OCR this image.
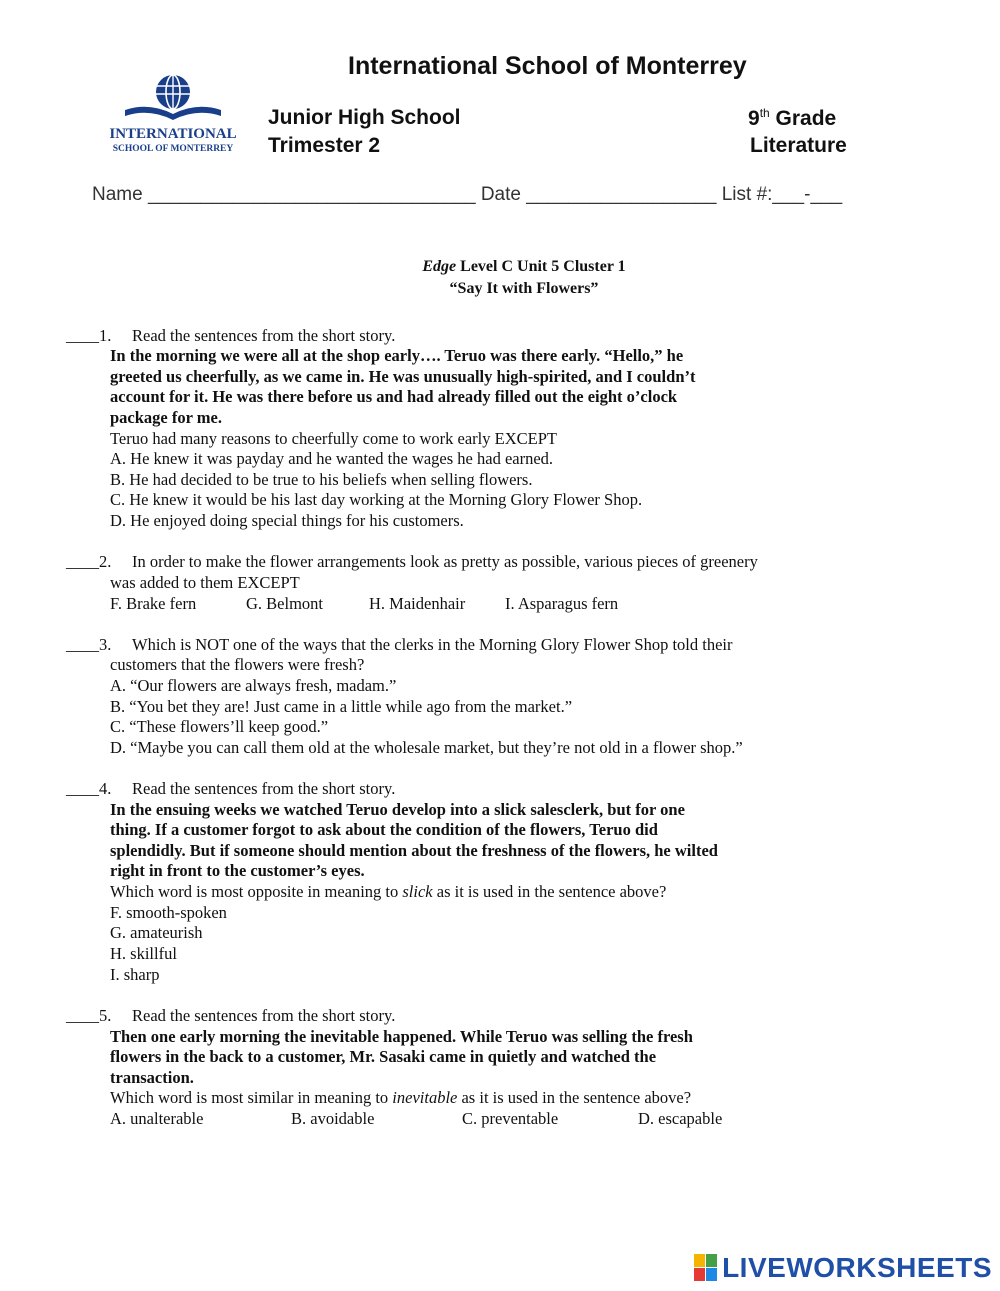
International School of Monterrey
INTERNATIONAL
SCHOOL OF MONTERREY
Junior High School
Trimester 2
9th Grade
Literature
Name _______________________________ Date __________________ List #:___-___
Edge Level C Unit 5 Cluster 1
“Say It with Flowers”
____1. Read the sentences from the short story.
In the morning we were all at the shop early…. Teruo was there early. “Hello,” he
greeted us cheerfully, as we came in. He was unusually high-spirited, and I couldn’t
account for it. He was there before us and had already filled out the eight o’clock
package for me.
Teruo had many reasons to cheerfully come to work early EXCEPT
A. He knew it was payday and he wanted the wages he had earned.
B. He had decided to be true to his beliefs when selling flowers.
C. He knew it would be his last day working at the Morning Glory Flower Shop.
D. He enjoyed doing special things for his customers.
____2. In order to make the flower arrangements look as pretty as possible, various pieces of greenery
was added to them EXCEPT
F. Brake fern	G. Belmont	H. Maidenhair I. Asparagus fern
____3. Which is NOT one of the ways that the clerks in the Morning Glory Flower Shop told their
customers that the flowers were fresh?
A. “Our flowers are always fresh, madam.”
B. “You bet they are! Just came in a little while ago from the market.”
C. “These flowers’ll keep good.”
D. “Maybe you can call them old at the wholesale market, but they’re not old in a flower shop.”
____4. Read the sentences from the short story.
In the ensuing weeks we watched Teruo develop into a slick salesclerk, but for one
thing. If a customer forgot to ask about the condition of the flowers, Teruo did
splendidly. But if someone should mention about the freshness of the flowers, he wilted
right in front to the customer’s eyes.
Which word is most opposite in meaning to slick as it is used in the sentence above?
F. smooth-spoken
G. amateurish
H. skillful
I. sharp
____5. Read the sentences from the short story.
Then one early morning the inevitable happened. While Teruo was selling the fresh
flowers in the back to a customer, Mr. Sasaki came in quietly and watched the
transaction.
Which word is most similar in meaning to inevitable as it is used in the sentence above?
A. unalterable	B. avoidable	C. preventable	D. escapable
LIVEWORKSHEETS
